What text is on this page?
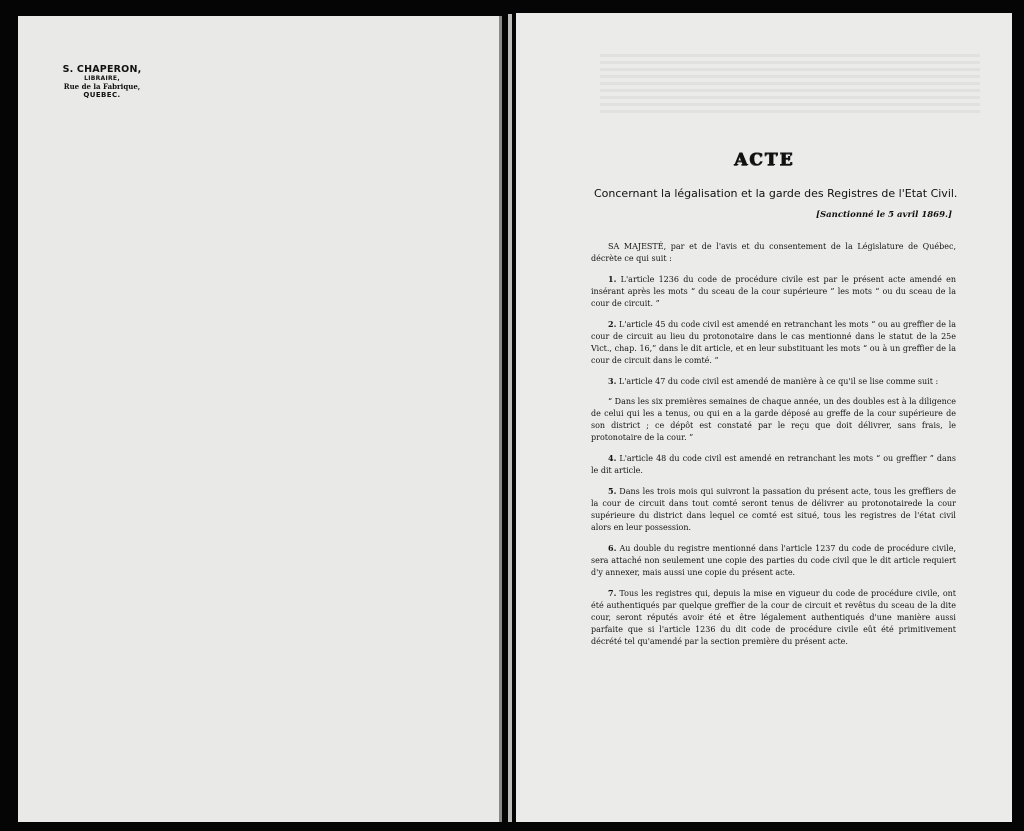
S. CHAPERON,
LIBRAIRE,
Rue de la Fabrique,
QUEBEC.
ACTE
Concernant la légalisation et la garde des Registres de l'Etat Civil.
[Sanctionné le 5 avril 1869.]

SA MAJESTÉ, par et de l'avis et du consentement de la Législature de Québec, décrète ce qui suit :

1. L'article 1236 du code de procédure civile est par le présent acte amendé en insérant après les mots “ du sceau de la cour supérieure ” les mots “ ou du sceau de la cour de circuit. ”

2. L'article 45 du code civil est amendé en retranchant les mots “ ou au greffier de la cour de circuit au lieu du protonotaire dans le cas mentionné dans le statut de la 25e Vict., chap. 16,” dans le dit article, et en leur substituant les mots “ ou à un greffier de la cour de circuit dans le comté. ”

3. L'article 47 du code civil est amendé de manière à ce qu'il se lise comme suit :

“ Dans les six premières semaines de chaque année, un des doubles est à la diligence de celui qui les a tenus, ou qui en a la garde déposé au greffe de la cour supérieure de son district ; ce dépôt est constaté par le reçu que doit délivrer, sans frais, le protonotaire de la cour. ”

4. L'article 48 du code civil est amendé en retranchant les mots “ ou greffier ” dans le dit article.

5. Dans les trois mois qui suivront la passation du présent acte, tous les greffiers de la cour de circuit dans tout comté seront tenus de délivrer au protonotairede la cour supérieure du district dans lequel ce comté est situé, tous les registres de l'état civil alors en leur possession.

6. Au double du registre mentionné dans l'article 1237 du code de procédure civile, sera attaché non seulement une copie des parties du code civil que le dit article requiert d'y annexer, mais aussi une copie du présent acte.

7. Tous les registres qui, depuis la mise en vigueur du code de procédure civile, ont été authentiqués par quelque greffier de la cour de circuit et revêtus du sceau de la dite cour, seront réputés avoir été et être légalement authentiqués d'une manière aussi parfaite que si l'article 1236 du dit code de procédure civile eût été primitivement décrété tel qu'amendé par la section première du présent acte.
